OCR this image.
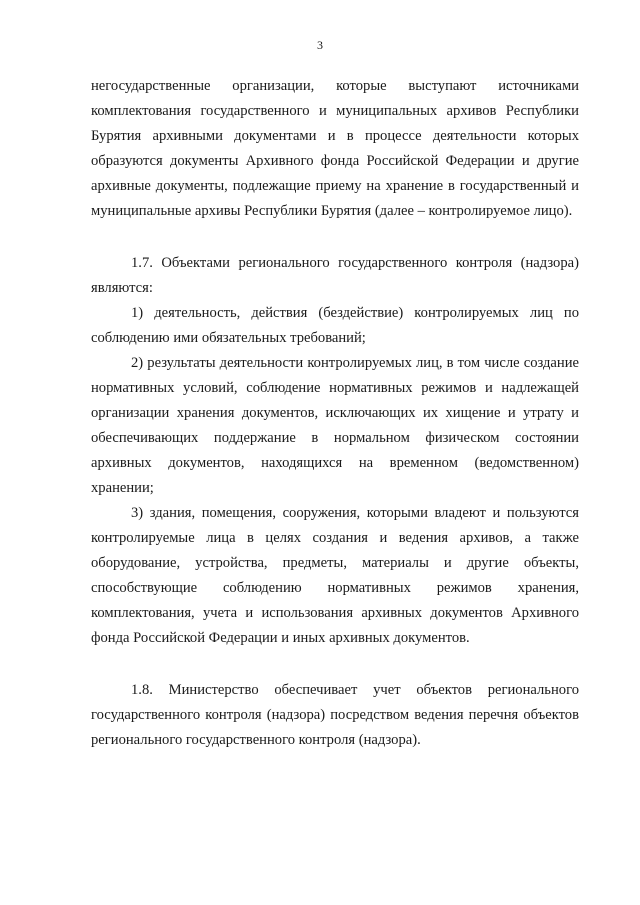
3

негосударственные организации, которые выступают источниками комплектования государственного и муниципальных архивов Республики Бурятия архивными документами и в процессе деятельности которых образуются документы Архивного фонда Российской Федерации и другие архивные документы, подлежащие приему на хранение в государственный и муниципальные архивы Республики Бурятия (далее – контролируемое лицо).

1.7. Объектами регионального государственного контроля (надзора) являются:

1) деятельность, действия (бездействие) контролируемых лиц по соблюдению ими обязательных требований;

2) результаты деятельности контролируемых лиц, в том числе создание нормативных условий, соблюдение нормативных режимов и надлежащей организации хранения документов, исключающих их хищение и утрату и обеспечивающих поддержание в нормальном физическом состоянии архивных документов, находящихся на временном (ведомственном) хранении;

3) здания, помещения, сооружения, которыми владеют и пользуются контролируемые лица в целях создания и ведения архивов, а также оборудование, устройства, предметы, материалы и другие объекты, способствующие соблюдению нормативных режимов хранения, комплектования, учета и использования архивных документов Архивного фонда Российской Федерации и иных архивных документов.

1.8. Министерство обеспечивает учет объектов регионального государственного контроля (надзора) посредством ведения перечня объектов регионального государственного контроля (надзора).
